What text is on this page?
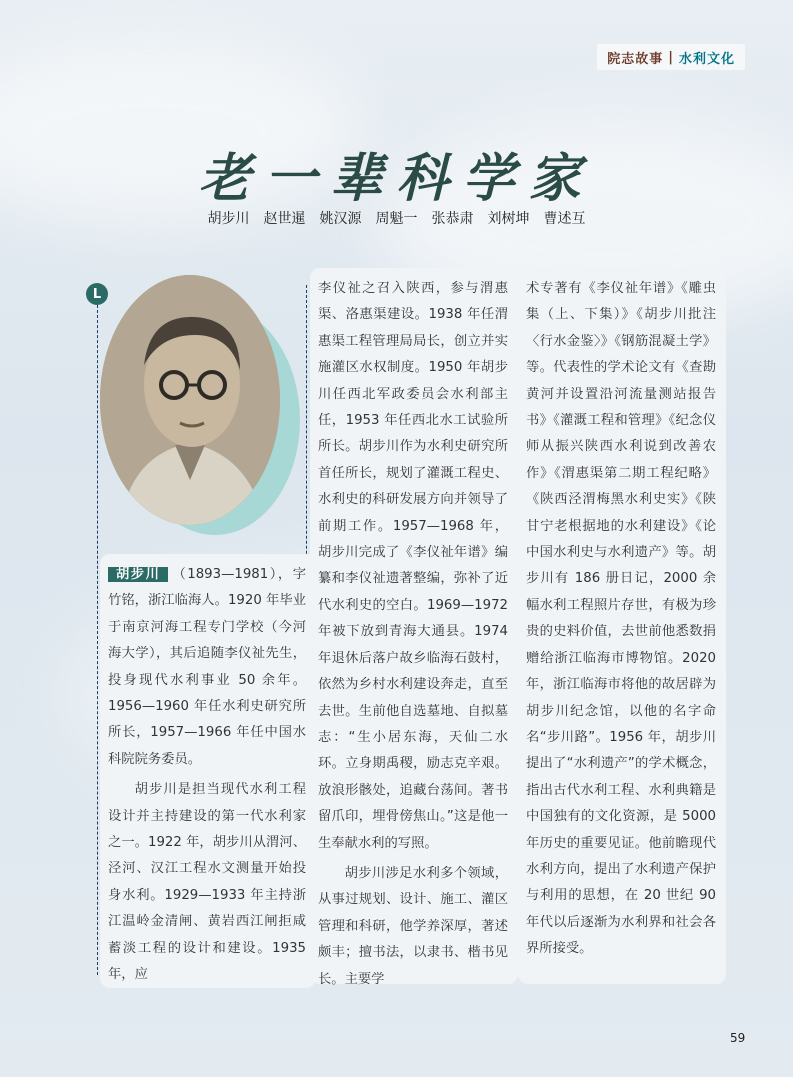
院志故事 | 水利文化
老一辈科学家
胡步川　赵世暹　姚汉源　周魁一　张恭肃　刘树坤　曹述互

胡步川 （1893—1981），字竹铭，浙江临海人。1920 年毕业于南京河海工程专门学校（今河海大学），其后追随李仪祉先生，投身现代水利事业 50 余年。1956—1960 年任水利史研究所所长，1957—1966 年任中国水科院院务委员。

胡步川是担当现代水利工程设计并主持建设的第一代水利家之一。1922 年，胡步川从渭河、泾河、汉江工程水文测量开始投身水利。1929—1933 年主持浙江温岭金清闸、黄岩西江闸拒咸蓄淡工程的设计和建设。1935 年，应

L	李仪祉之召入陕西，参与渭惠渠、洛惠渠建设。1938 年任渭惠渠工程管理局局长，创立并实施灌区水权制度。1950 年胡步川任西北军政委员会水利部主任，1953 年任西北水工试验所所长。胡步川作为水利史研究所首任所长，规划了灌溉工程史、水利史的科研发展方向并领导了前期工作。1957—1968 年，胡步川完成了《李仪祉年谱》编纂和李仪祉遗著整编，弥补了近代水利史的空白。1969—1972 年被下放到青海大通县。1974 年退休后落户故乡临海石鼓村，依然为乡村水利建设奔走，直至去世。生前他自选墓地、自拟墓志：“生小居东海，天仙二水环。立身期禹稷，励志克辛艰。放浪形骸处，追藏台荡间。著书留爪印，埋骨傍焦山。”这是他一生奉献水利的写照。

胡步川涉足水利多个领域，从事过规划、设计、施工、灌区管理和科研，他学养深厚，著述颇丰；擅书法，以隶书、楷书见长。主要学

术专著有《李仪祉年谱》《雕虫集（上、下集）》《胡步川批注〈行水金鉴〉》《钢筋混凝土学》等。代表性的学术论文有《查勘黄河并设置沿河流量测站报告书》《灌溉工程和管理》《纪念仪师从振兴陕西水利说到改善农作》《渭惠渠第二期工程纪略》《陕西泾渭梅黑水利史实》《陕甘宁老根据地的水利建设》《论中国水利史与水利遗产》等。胡步川有 186 册日记，2000 余幅水利工程照片存世，有极为珍贵的史料价值，去世前他悉数捐赠给浙江临海市博物馆。2020 年，浙江临海市将他的故居辟为胡步川纪念馆，以他的名字命名“步川路”。1956 年，胡步川提出了“水利遗产”的学术概念，指出古代水利工程、水利典籍是中国独有的文化资源，是 5000 年历史的重要见证。他前瞻现代水利方向，提出了水利遗产保护与利用的思想，在 20 世纪 90 年代以后逐渐为水利界和社会各界所接受。

59
